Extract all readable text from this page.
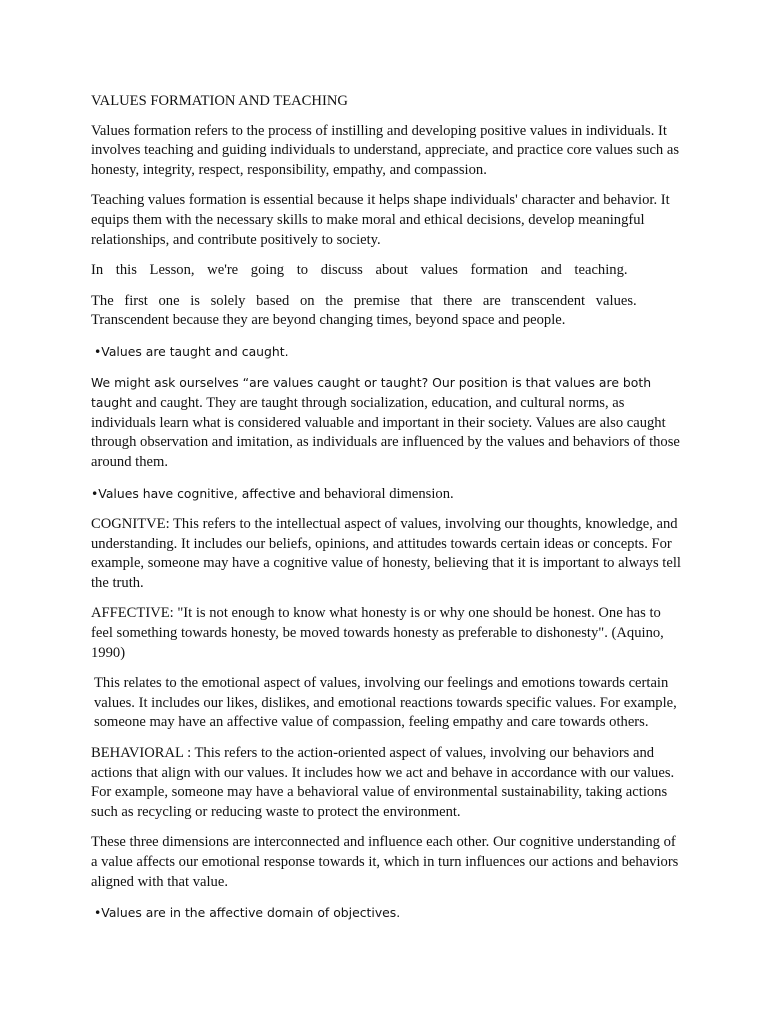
VALUES FORMATION AND TEACHING

Values formation refers to the process of instilling and developing positive values in individuals. It involves teaching and guiding individuals to understand, appreciate, and practice core values such as honesty, integrity, respect, responsibility, empathy, and compassion.

Teaching values formation is essential because it helps shape individuals' character and behavior. It equips them with the necessary skills to make moral and ethical decisions, develop meaningful relationships, and contribute positively to society.

In this Lesson, we're going to discuss about values formation and teaching.

The first one is solely based on the premise that there are transcendent values.
Transcendent because they are beyond changing times, beyond space and people.

•Values are taught and caught.

We might ask ourselves “are values caught or taught? Our position is that values are both taught and caught. They are taught through socialization, education, and cultural norms, as individuals learn what is considered valuable and important in their society. Values are also caught through observation and imitation, as individuals are influenced by the values and behaviors of those around them.

•Values have cognitive, affective and behavioral dimension.

COGNITVE: This refers to the intellectual aspect of values, involving our thoughts, knowledge, and understanding. It includes our beliefs, opinions, and attitudes towards certain ideas or concepts. For example, someone may have a cognitive value of honesty, believing that it is important to always tell the truth.

AFFECTIVE: "It is not enough to know what honesty is or why one should be honest. One has to feel something towards honesty, be moved towards honesty as preferable to dishonesty". (Aquino, 1990)

This relates to the emotional aspect of values, involving our feelings and emotions towards certain values. It includes our likes, dislikes, and emotional reactions towards specific values. For example, someone may have an affective value of compassion, feeling empathy and care towards others.

BEHAVIORAL : This refers to the action-oriented aspect of values, involving our behaviors and actions that align with our values. It includes how we act and behave in accordance with our values. For example, someone may have a behavioral value of environmental sustainability, taking actions such as recycling or reducing waste to protect the environment.

These three dimensions are interconnected and influence each other. Our cognitive understanding of a value affects our emotional response towards it, which in turn influences our actions and behaviors aligned with that value.

•Values are in the affective domain of objectives.
